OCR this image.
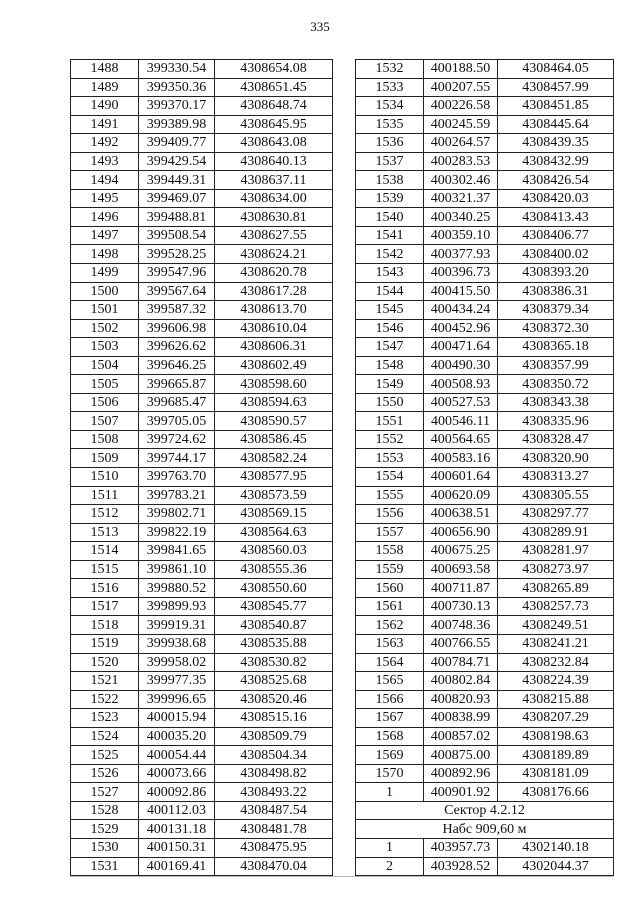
335
1488	399330.54	4308654.08
1489	399350.36	4308651.45
1490	399370.17	4308648.74
1491	399389.98	4308645.95
1492	399409.77	4308643.08
1493	399429.54	4308640.13
1494	399449.31	4308637.11
1495	399469.07	4308634.00
1496	399488.81	4308630.81
1497	399508.54	4308627.55
1498	399528.25	4308624.21
1499	399547.96	4308620.78
1500	399567.64	4308617.28
1501	399587.32	4308613.70
1502	399606.98	4308610.04
1503	399626.62	4308606.31
1504	399646.25	4308602.49
1505	399665.87	4308598.60
1506	399685.47	4308594.63
1507	399705.05	4308590.57
1508	399724.62	4308586.45
1509	399744.17	4308582.24
1510	399763.70	4308577.95
1511	399783.21	4308573.59
1512	399802.71	4308569.15
1513	399822.19	4308564.63
1514	399841.65	4308560.03
1515	399861.10	4308555.36
1516	399880.52	4308550.60
1517	399899.93	4308545.77
1518	399919.31	4308540.87
1519	399938.68	4308535.88
1520	399958.02	4308530.82
1521	399977.35	4308525.68
1522	399996.65	4308520.46
1523	400015.94	4308515.16
1524	400035.20	4308509.79
1525	400054.44	4308504.34
1526	400073.66	4308498.82
1527	400092.86	4308493.22
1528	400112.03	4308487.54
1529	400131.18	4308481.78
1530	400150.31	4308475.95
1531	400169.41	4308470.04
1532	400188.50	4308464.05
1533	400207.55	4308457.99
1534	400226.58	4308451.85
1535	400245.59	4308445.64
1536	400264.57	4308439.35
1537	400283.53	4308432.99
1538	400302.46	4308426.54
1539	400321.37	4308420.03
1540	400340.25	4308413.43
1541	400359.10	4308406.77
1542	400377.93	4308400.02
1543	400396.73	4308393.20
1544	400415.50	4308386.31
1545	400434.24	4308379.34
1546	400452.96	4308372.30
1547	400471.64	4308365.18
1548	400490.30	4308357.99
1549	400508.93	4308350.72
1550	400527.53	4308343.38
1551	400546.11	4308335.96
1552	400564.65	4308328.47
1553	400583.16	4308320.90
1554	400601.64	4308313.27
1555	400620.09	4308305.55
1556	400638.51	4308297.77
1557	400656.90	4308289.91
1558	400675.25	4308281.97
1559	400693.58	4308273.97
1560	400711.87	4308265.89
1561	400730.13	4308257.73
1562	400748.36	4308249.51
1563	400766.55	4308241.21
1564	400784.71	4308232.84
1565	400802.84	4308224.39
1566	400820.93	4308215.88
1567	400838.99	4308207.29
1568	400857.02	4308198.63
1569	400875.00	4308189.89
1570	400892.96	4308181.09
1	400901.92	4308176.66
Сектор 4.2.12		
Набс 909,60 м		
1	403957.73	4302140.18
2	403928.52	4302044.37
